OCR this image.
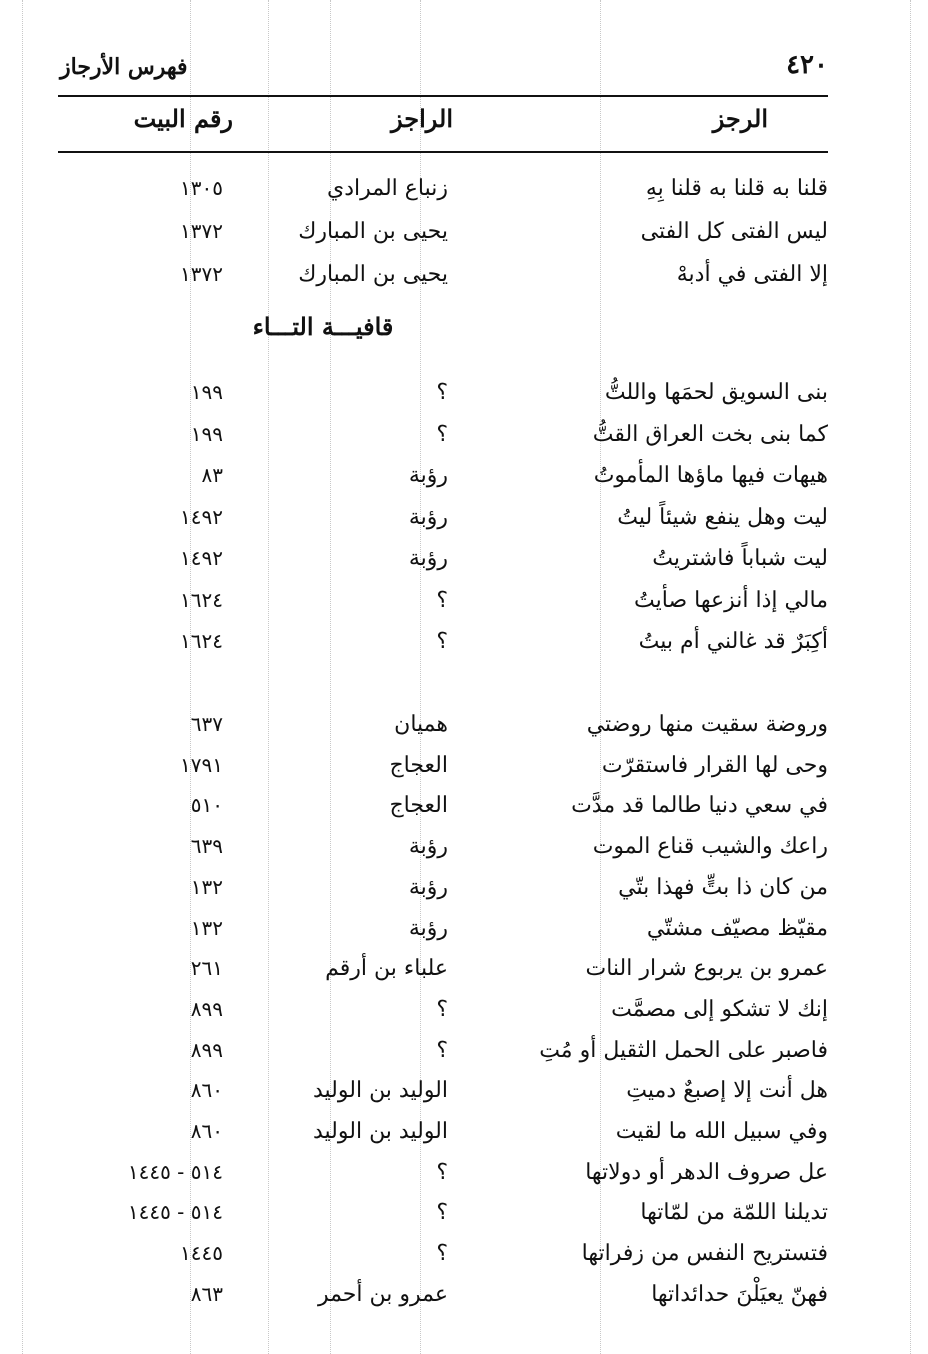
٤٢٠
فهرس الأرجاز
الرجز
الراجز
رقم البيت
قلنا به قلنا به قلنا بِهِ
زنباع المرادي
١٣٠٥
ليس الفتى كل الفتى
يحيى بن المبارك
١٣٧٢
إلا الفتى في أدبهْ
يحيى بن المبارك
١٣٧٢
قافيـــة التـــاء
بنى السويق لحمَها واللتُّ
؟
١٩٩
كما بنى بخت العراق القتُّ
؟
١٩٩
هيهات فيها ماؤها المأموتُ
رؤبة
٨٣
ليت وهل ينفع شيئاً ليتُ
رؤبة
١٤٩٢
ليت شباباً فاشتريتُ
رؤبة
١٤٩٢
مالي إذا أنزعها صأيتُ
؟
١٦٢٤
أكِبَرٌ قد غالني أم بيتُ
؟
١٦٢٤
وروضة سقيت منها روضتي
هميان
٦٣٧
وحى لها القرار فاستقرّت
العجاج
١٧٩١
في سعي دنيا طالما قد مدَّت
العجاج
٥١٠
راعك والشيب قناع الموت
رؤبة
٦٣٩
من كان ذا بتٍّ فهذا بتّي
رؤبة
١٣٢
مقيّظ مصيّف مشتّي
رؤبة
١٣٢
عمرو بن يربوع شرار النات
علباء بن أرقم
٢٦١
إنك لا تشكو إلى مصمَّت
؟
٨٩٩
فاصبر على الحمل الثقيل أو مُتِ
؟
٨٩٩
هل أنت إلا إصبعٌ دميتِ
الوليد بن الوليد
٨٦٠
وفي سبيل الله ما لقيت
الوليد بن الوليد
٨٦٠
عل صروف الدهر أو دولاتها
؟
٥١٤ - ١٤٤٥
تديلنا اللمّة من لمّاتها
؟
٥١٤ - ١٤٤٥
فتستريح النفس من زفراتها
؟
١٤٤٥
فهنّ يعيَلْنَ حدائداتها
عمرو بن أحمر
٨٦٣
